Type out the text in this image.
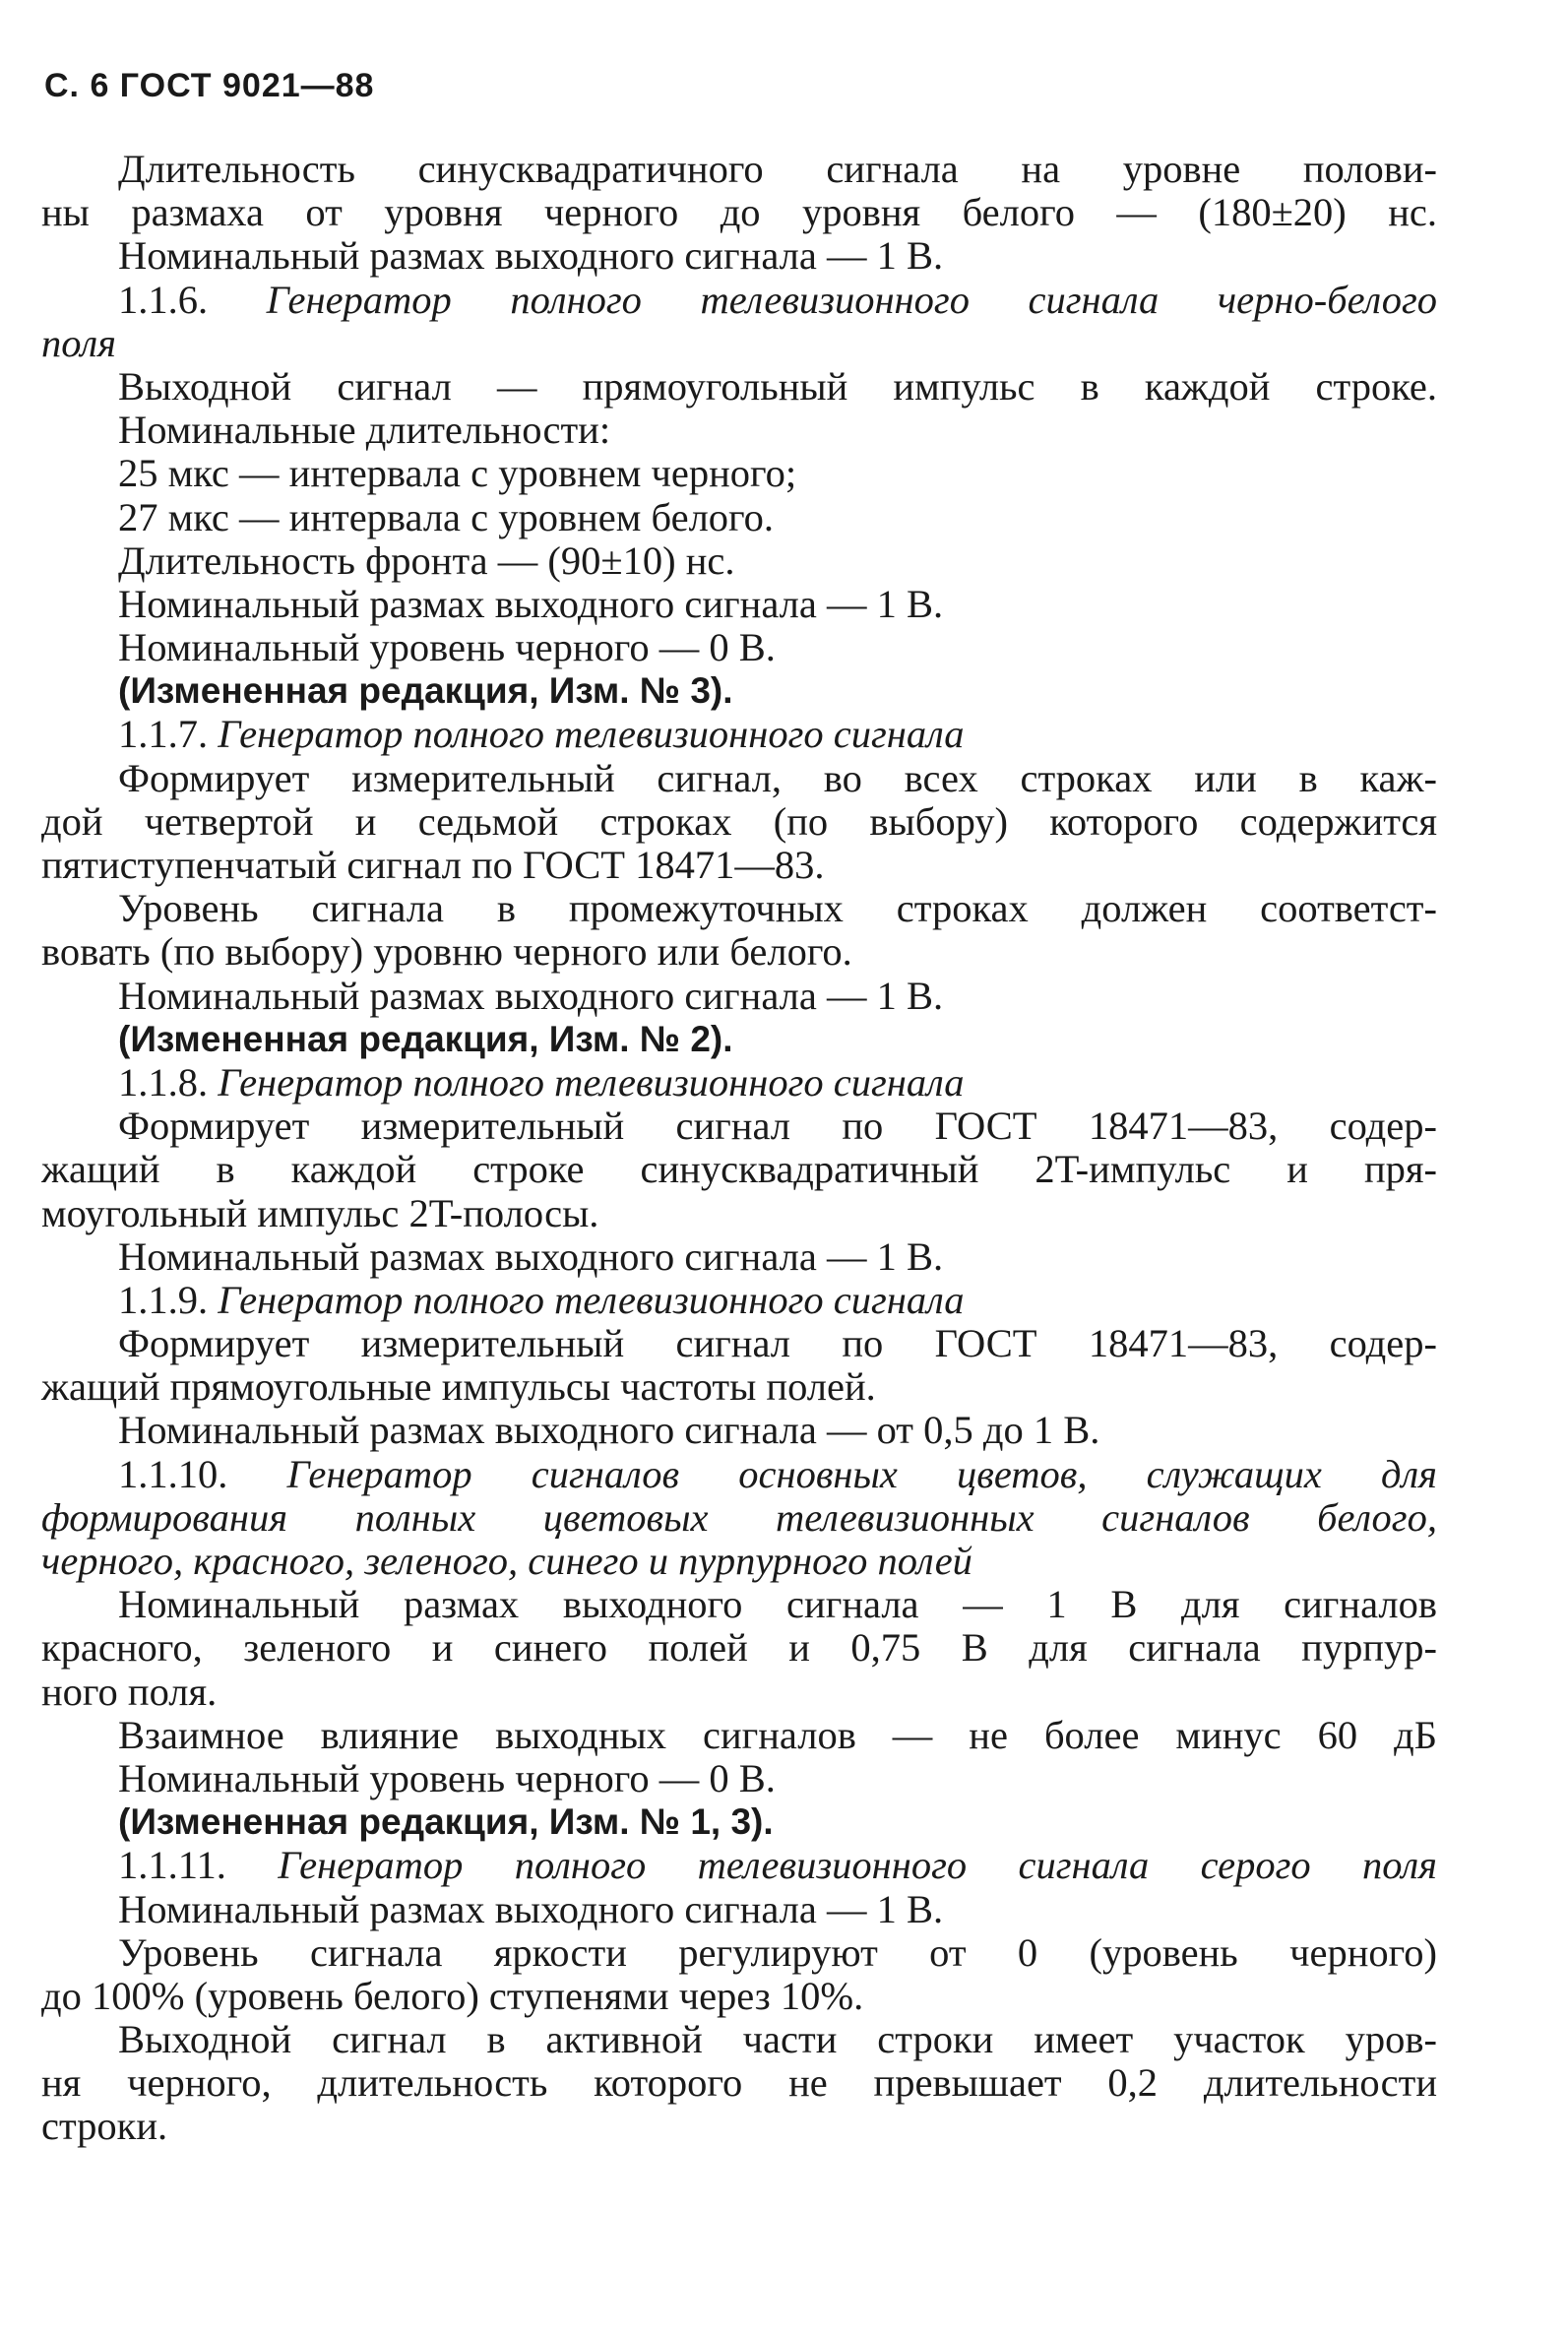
С. 6 ГОСТ 9021—88
Длительность синусквадратичного сигнала на уровне полови-
ны размаха от уровня черного до уровня белого — (180±20) нс.
Номинальный размах выходного сигнала — 1 В.
1.1.6. Генератор полного телевизионного сигнала черно-белого
поля
Выходной сигнал — прямоугольный импульс в каждой строке.
Номинальные длительности:
25 мкс — интервала с уровнем черного;
27 мкс — интервала с уровнем белого.
Длительность фронта — (90±10) нс.
Номинальный размах выходного сигнала — 1 В.
Номинальный уровень черного — 0 В.
(Измененная редакция, Изм. № 3).
1.1.7. Генератор полного телевизионного сигнала
Формирует измерительный сигнал, во всех строках или в каж-
дой четвертой и седьмой строках (по выбору) которого содержится
пятиступенчатый сигнал по ГОСТ 18471—83.
Уровень сигнала в промежуточных строках должен соответст-
вовать (по выбору) уровню черного или белого.
Номинальный размах выходного сигнала — 1 В.
(Измененная редакция, Изм. № 2).
1.1.8. Генератор полного телевизионного сигнала
Формирует измерительный сигнал по ГОСТ 18471—83, содер-
жащий в каждой строке синусквадратичный 2T-импульс и пря-
моугольный импульс 2T-полосы.
Номинальный размах выходного сигнала — 1 В.
1.1.9. Генератор полного телевизионного сигнала
Формирует измерительный сигнал по ГОСТ 18471—83, содер-
жащий прямоугольные импульсы частоты полей.
Номинальный размах выходного сигнала — от 0,5 до 1 В.
1.1.10. Генератор сигналов основных цветов, служащих для
формирования полных цветовых телевизионных сигналов белого,
черного, красного, зеленого, синего и пурпурного полей
Номинальный размах выходного сигнала — 1 В для сигналов
красного, зеленого и синего полей и 0,75 В для сигнала пурпур-
ного поля.
Взаимное влияние выходных сигналов — не более минус 60 дБ
Номинальный уровень черного — 0 В.
(Измененная редакция, Изм. № 1, 3).
1.1.11. Генератор полного телевизионного сигнала серого поля
Номинальный размах выходного сигнала — 1 В.
Уровень сигнала яркости регулируют от 0 (уровень черного)
до 100% (уровень белого) ступенями через 10%.
Выходной сигнал в активной части строки имеет участок уров-
ня черного, длительность которого не превышает 0,2 длительности
строки.
